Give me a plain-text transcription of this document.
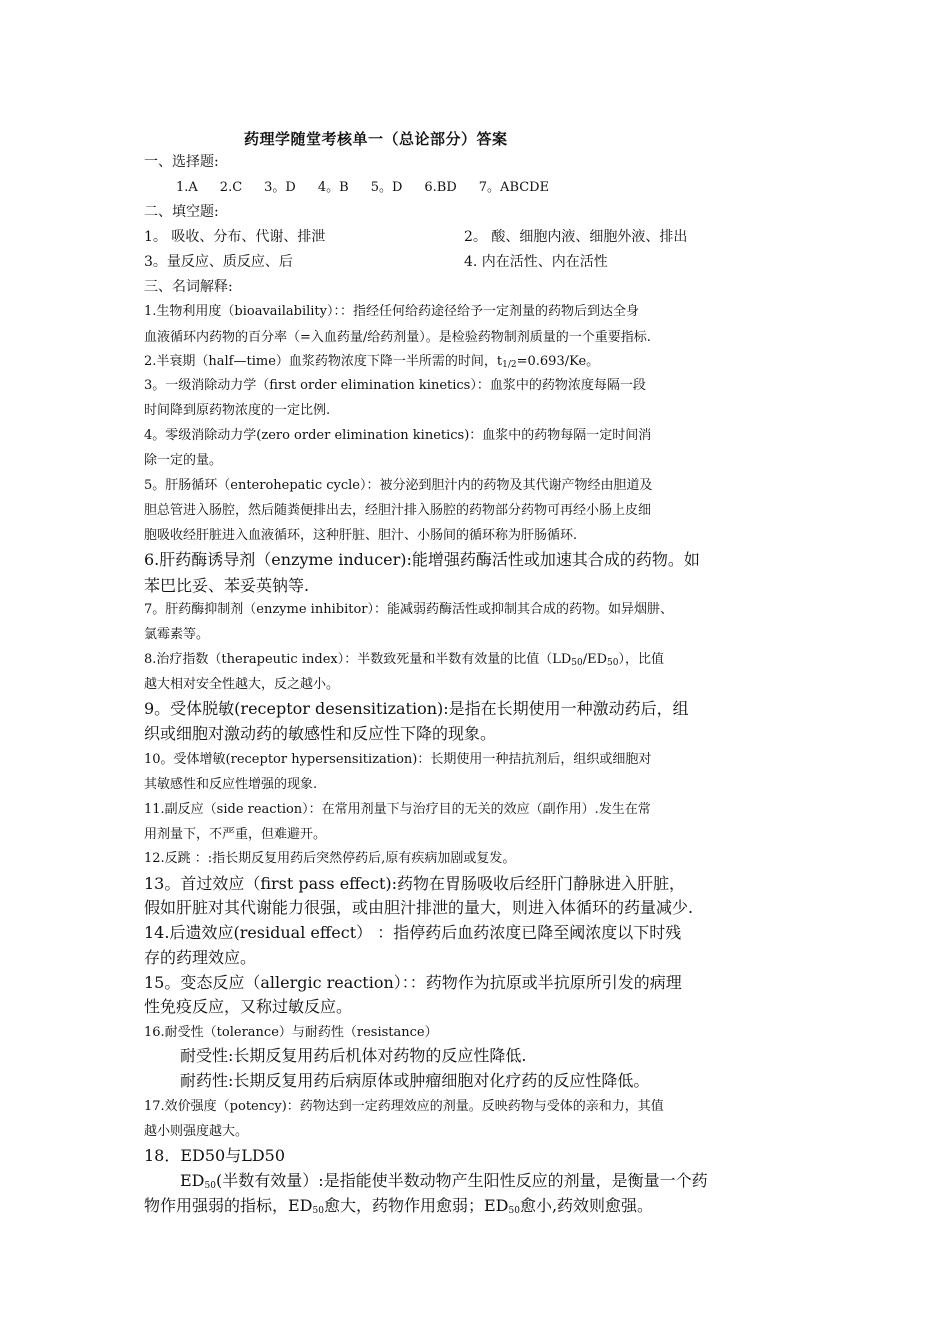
药理学随堂考核单一（总论部分）答案
一、选择题:
1.A 2.C 3。D 4。B 5。D 6.BD 7。ABCDE
二、填空题:
1。 吸收、分布、代谢、排泄	2。 酸、细胞内液、细胞外液、排出
3。量反应、质反应、后	4. 内在活性、内在活性
三、名词解释:
1.生物利用度（bioavailability）：：指经任何给药途径给予一定剂量的药物后到达全身
血液循环内药物的百分率（=入血药量/给药剂量）。是检验药物制剂质量的一个重要指标.
2.半衰期（half—time）血浆药物浓度下降一半所需的时间，$t_{1/2}=0.693/Ke$。
3。一级消除动力学（first order elimination kinetics）：血浆中的药物浓度每隔一段
时间降到原药物浓度的一定比例.
4。零级消除动力学(zero order elimination kinetics)：血浆中的药物每隔一定时间消
除一定的量。
5。肝肠循环（enterohepatic cycle）：被分泌到胆汁内的药物及其代谢产物经由胆道及
胆总管进入肠腔，然后随粪便排出去，经胆汁排入肠腔的药物部分药物可再经小肠上皮细
胞吸收经肝脏进入血液循环，这种肝脏、胆汁、小肠间的循环称为肝肠循环.
6.肝药酶诱导剂（enzyme inducer):能增强药酶活性或加速其合成的药物。如
苯巴比妥、苯妥英钠等.
7。肝药酶抑制剂（enzyme inhibitor）：能减弱药酶活性或抑制其合成的药物。如异烟肼、
氯霉素等。
8.治疗指数（therapeutic index）：半数致死量和半数有效量的比值$(LD_{50}/ED_{50})$，比值
越大相对安全性越大，反之越小。
9。受体脱敏(receptor desensitization):是指在长期使用一种激动药后，组
织或细胞对激动药的敏感性和反应性下降的现象。
10。受体增敏(receptor hypersensitization)：长期使用一种拮抗剂后，组织或细胞对
其敏感性和反应性增强的现象.
11.副反应（side reaction）：在常用剂量下与治疗目的无关的效应（副作用）.发生在常
用剂量下，不严重，但难避开。
12.反跳 ：:指长期反复用药后突然停药后,原有疾病加剧或复发。
13。首过效应（first pass effect):药物在胃肠吸收后经肝门静脉进入肝脏，
假如肝脏对其代谢能力很强，或由胆汁排泄的量大，则进入体循环的药量减少.
14.后遗效应(residual effect） ：指停药后血药浓度已降至阈浓度以下时残
存的药理效应。
15。变态反应（allergic reaction）：：药物作为抗原或半抗原所引发的病理
性免疫反应，又称过敏反应。
16.耐受性（tolerance）与耐药性（resistance）
耐受性:长期反复用药后机体对药物的反应性降低.
耐药性:长期反复用药后病原体或肿瘤细胞对化疗药的反应性降低。
17.效价强度（potency)：药物达到一定药理效应的剂量。反映药物与受体的亲和力，其值
越小则强度越大。
18．ED50与LD50
$ED_{50}$(半数有效量）:是指能使半数动物产生阳性反应的剂量，是衡量一个药
物作用强弱的指标，$ED_{50}$愈大，药物作用愈弱；$ED_{50}$愈小,药效则愈强。
